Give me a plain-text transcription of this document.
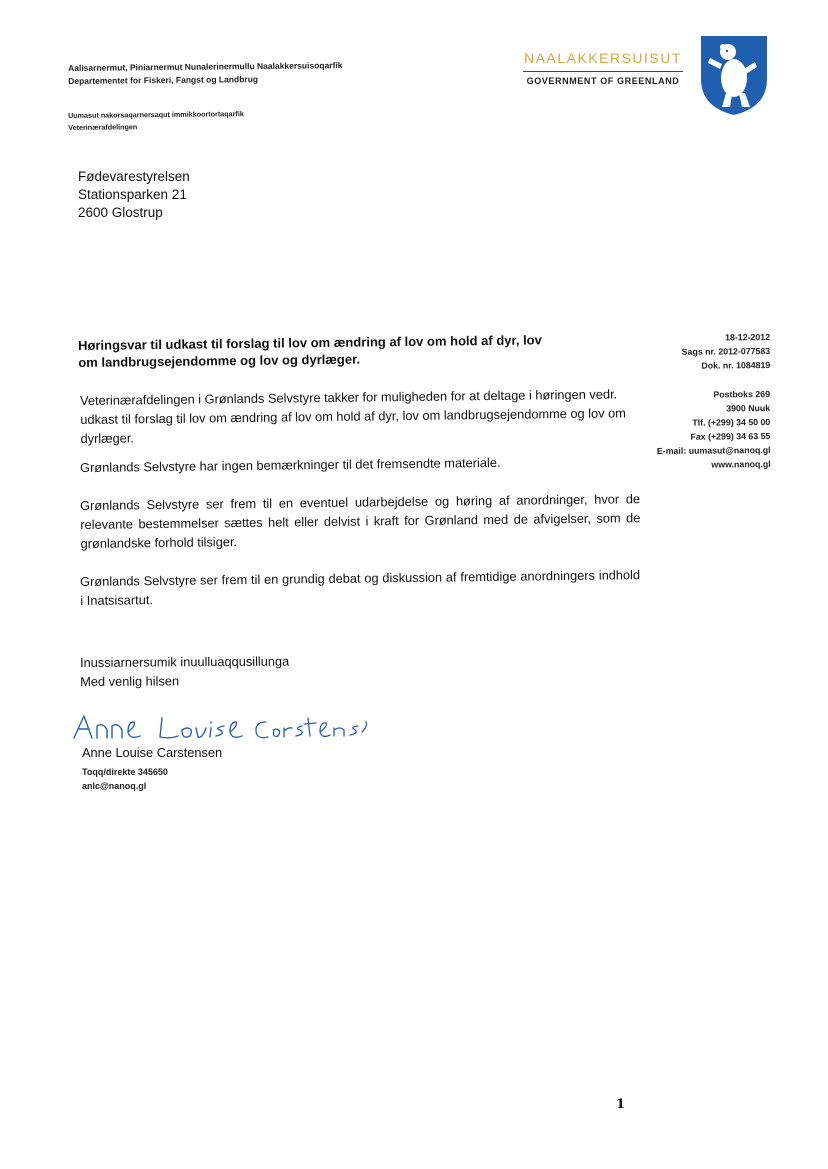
Aalisarnermut, Piniarnermut Nunalerinermullu Naalakkersuisoqarfik
Departementet for Fiskeri, Fangst og Landbrug
Uumasut nakorsaqarnersaqut immikkoortortaqarfik
Veterinærafdelingen
NAALAKKERSUISUT
GOVERNMENT OF GREENLAND
Fødevarestyrelsen
Stationsparken 21
2600 Glostrup
18-12-2012
Sags nr. 2012-077583
Dok. nr. 1084819
Postboks 269
3900 Nuuk
Tlf. (+299) 34 50 00
Fax (+299) 34 63 55
E-mail: uumasut@nanoq.gl
www.nanoq.gl
Høringsvar til udkast til forslag til lov om ændring af lov om hold af dyr, lov
om landbrugsejendomme og lov og dyrlæger.
Veterinærafdelingen i Grønlands Selvstyre takker for muligheden for at deltage i høringen vedr. udkast til forslag til lov om ændring af lov om hold af dyr, lov om landbrugsejendomme og lov om dyrlæger.
Grønlands Selvstyre har ingen bemærkninger til det fremsendte materiale.
Grønlands Selvstyre ser frem til en eventuel udarbejdelse og høring af anordninger, hvor de relevante bestemmelser sættes helt eller delvist i kraft for Grønland med de afvigelser, som de grønlandske forhold tilsiger.
Grønlands Selvstyre ser frem til en grundig debat og diskussion af fremtidige anordningers indhold i Inatsisartut.
Inussiarnersumik inuulluaqqusillunga
Med venlig hilsen
Anne Louise Carstensen
Toqq/direkte 345650
anlc@nanoq.gl
1
